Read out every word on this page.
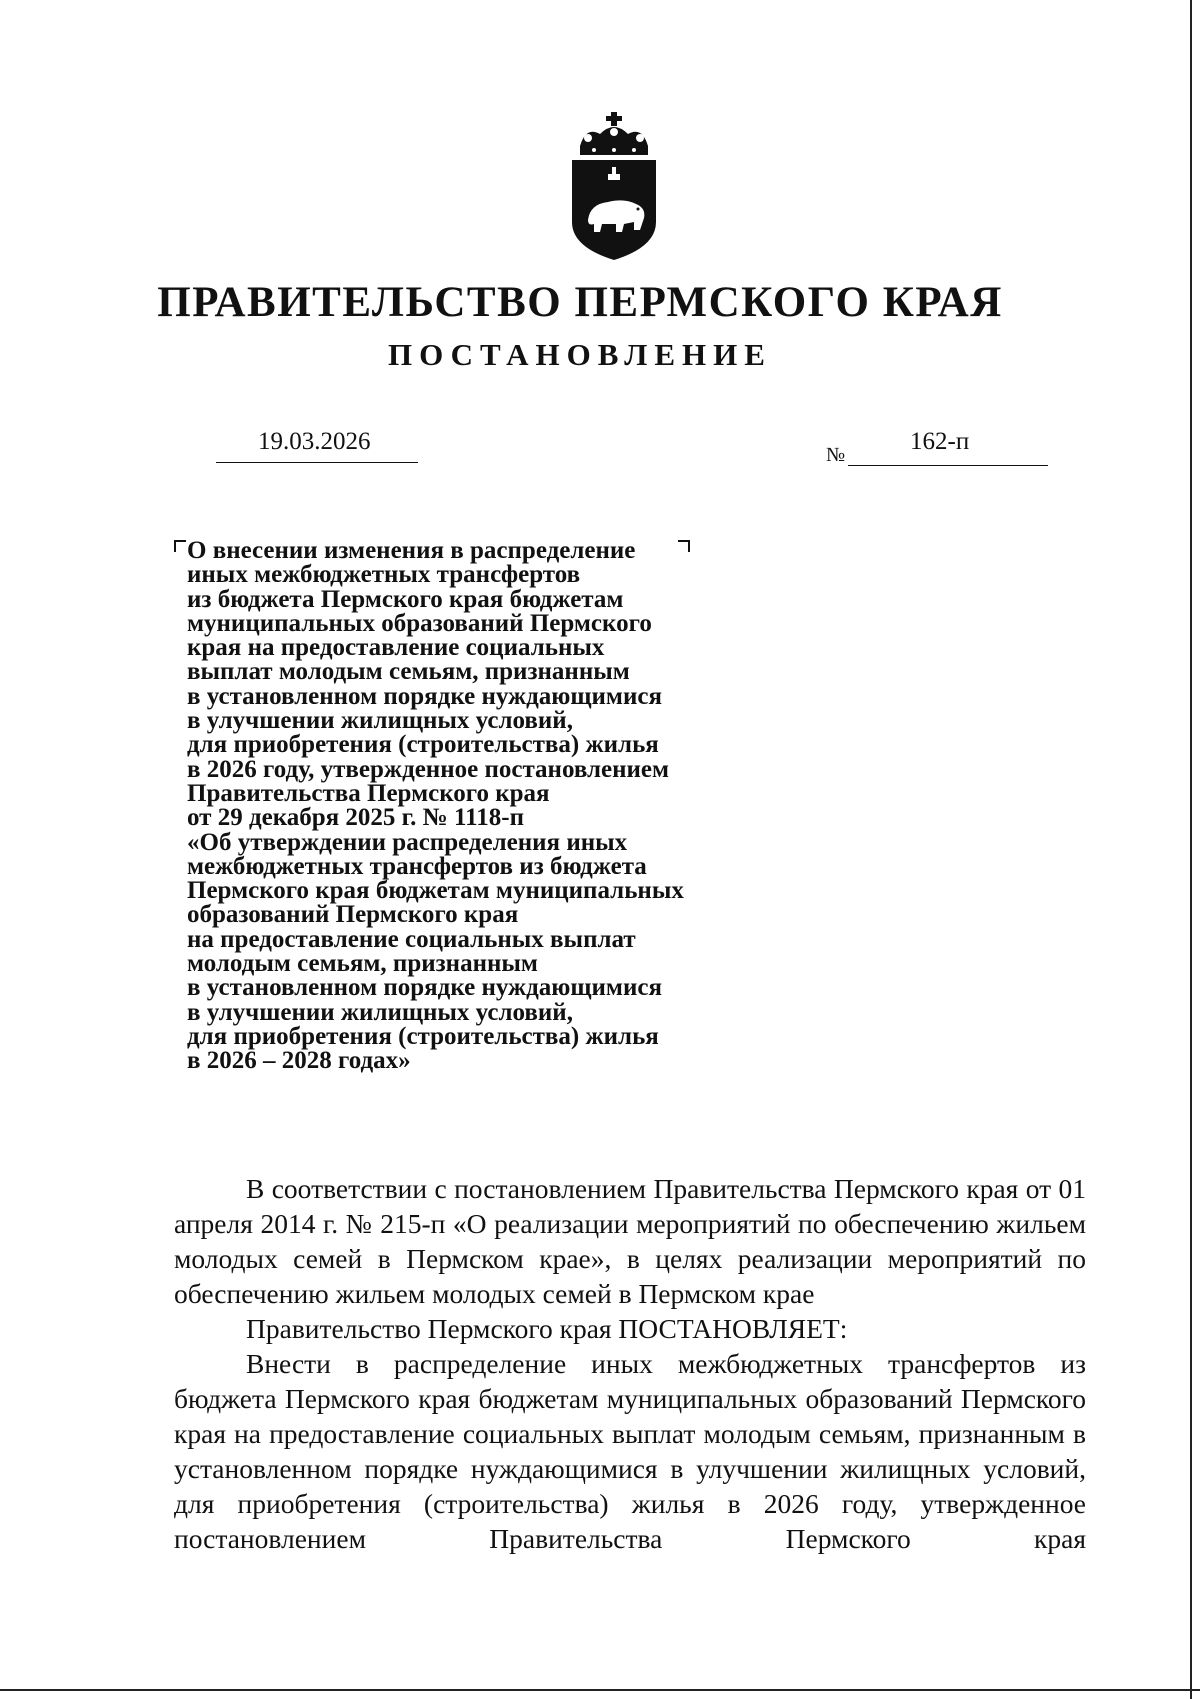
ПРАВИТЕЛЬСТВО ПЕРМСКОГО КРАЯ
ПОСТАНОВЛЕНИЕ
19.03.2026	№	162-п
О внесении изменения в распределение
иных межбюджетных трансфертов
из бюджета Пермского края бюджетам
муниципальных образований Пермского
края на предоставление социальных
выплат молодым семьям, признанным
в установленном порядке нуждающимися
в улучшении жилищных условий,
для приобретения (строительства) жилья
в 2026 году, утвержденное постановлением
Правительства Пермского края
от 29 декабря 2025 г. № 1118-п
«Об утверждении распределения иных
межбюджетных трансфертов из бюджета
Пермского края бюджетам муниципальных
образований Пермского края
на предоставление социальных выплат
молодым семьям, признанным
в установленном порядке нуждающимися
в улучшении жилищных условий,
для приобретения (строительства) жилья
в 2026 – 2028 годах»

В соответствии с постановлением Правительства Пермского края от 01 апреля 2014 г. № 215-п «О реализации мероприятий по обеспечению жильем молодых семей в Пермском крае», в целях реализации мероприятий по обеспечению жильем молодых семей в Пермском крае

Правительство Пермского края ПОСТАНОВЛЯЕТ:

Внести в распределение иных межбюджетных трансфертов из бюджета Пермского края бюджетам муниципальных образований Пермского края на предоставление социальных выплат молодым семьям, признанным в установленном порядке нуждающимися в улучшении жилищных условий, для приобретения (строительства) жилья в 2026 году, утвержденное постановлением Правительства Пермского края
